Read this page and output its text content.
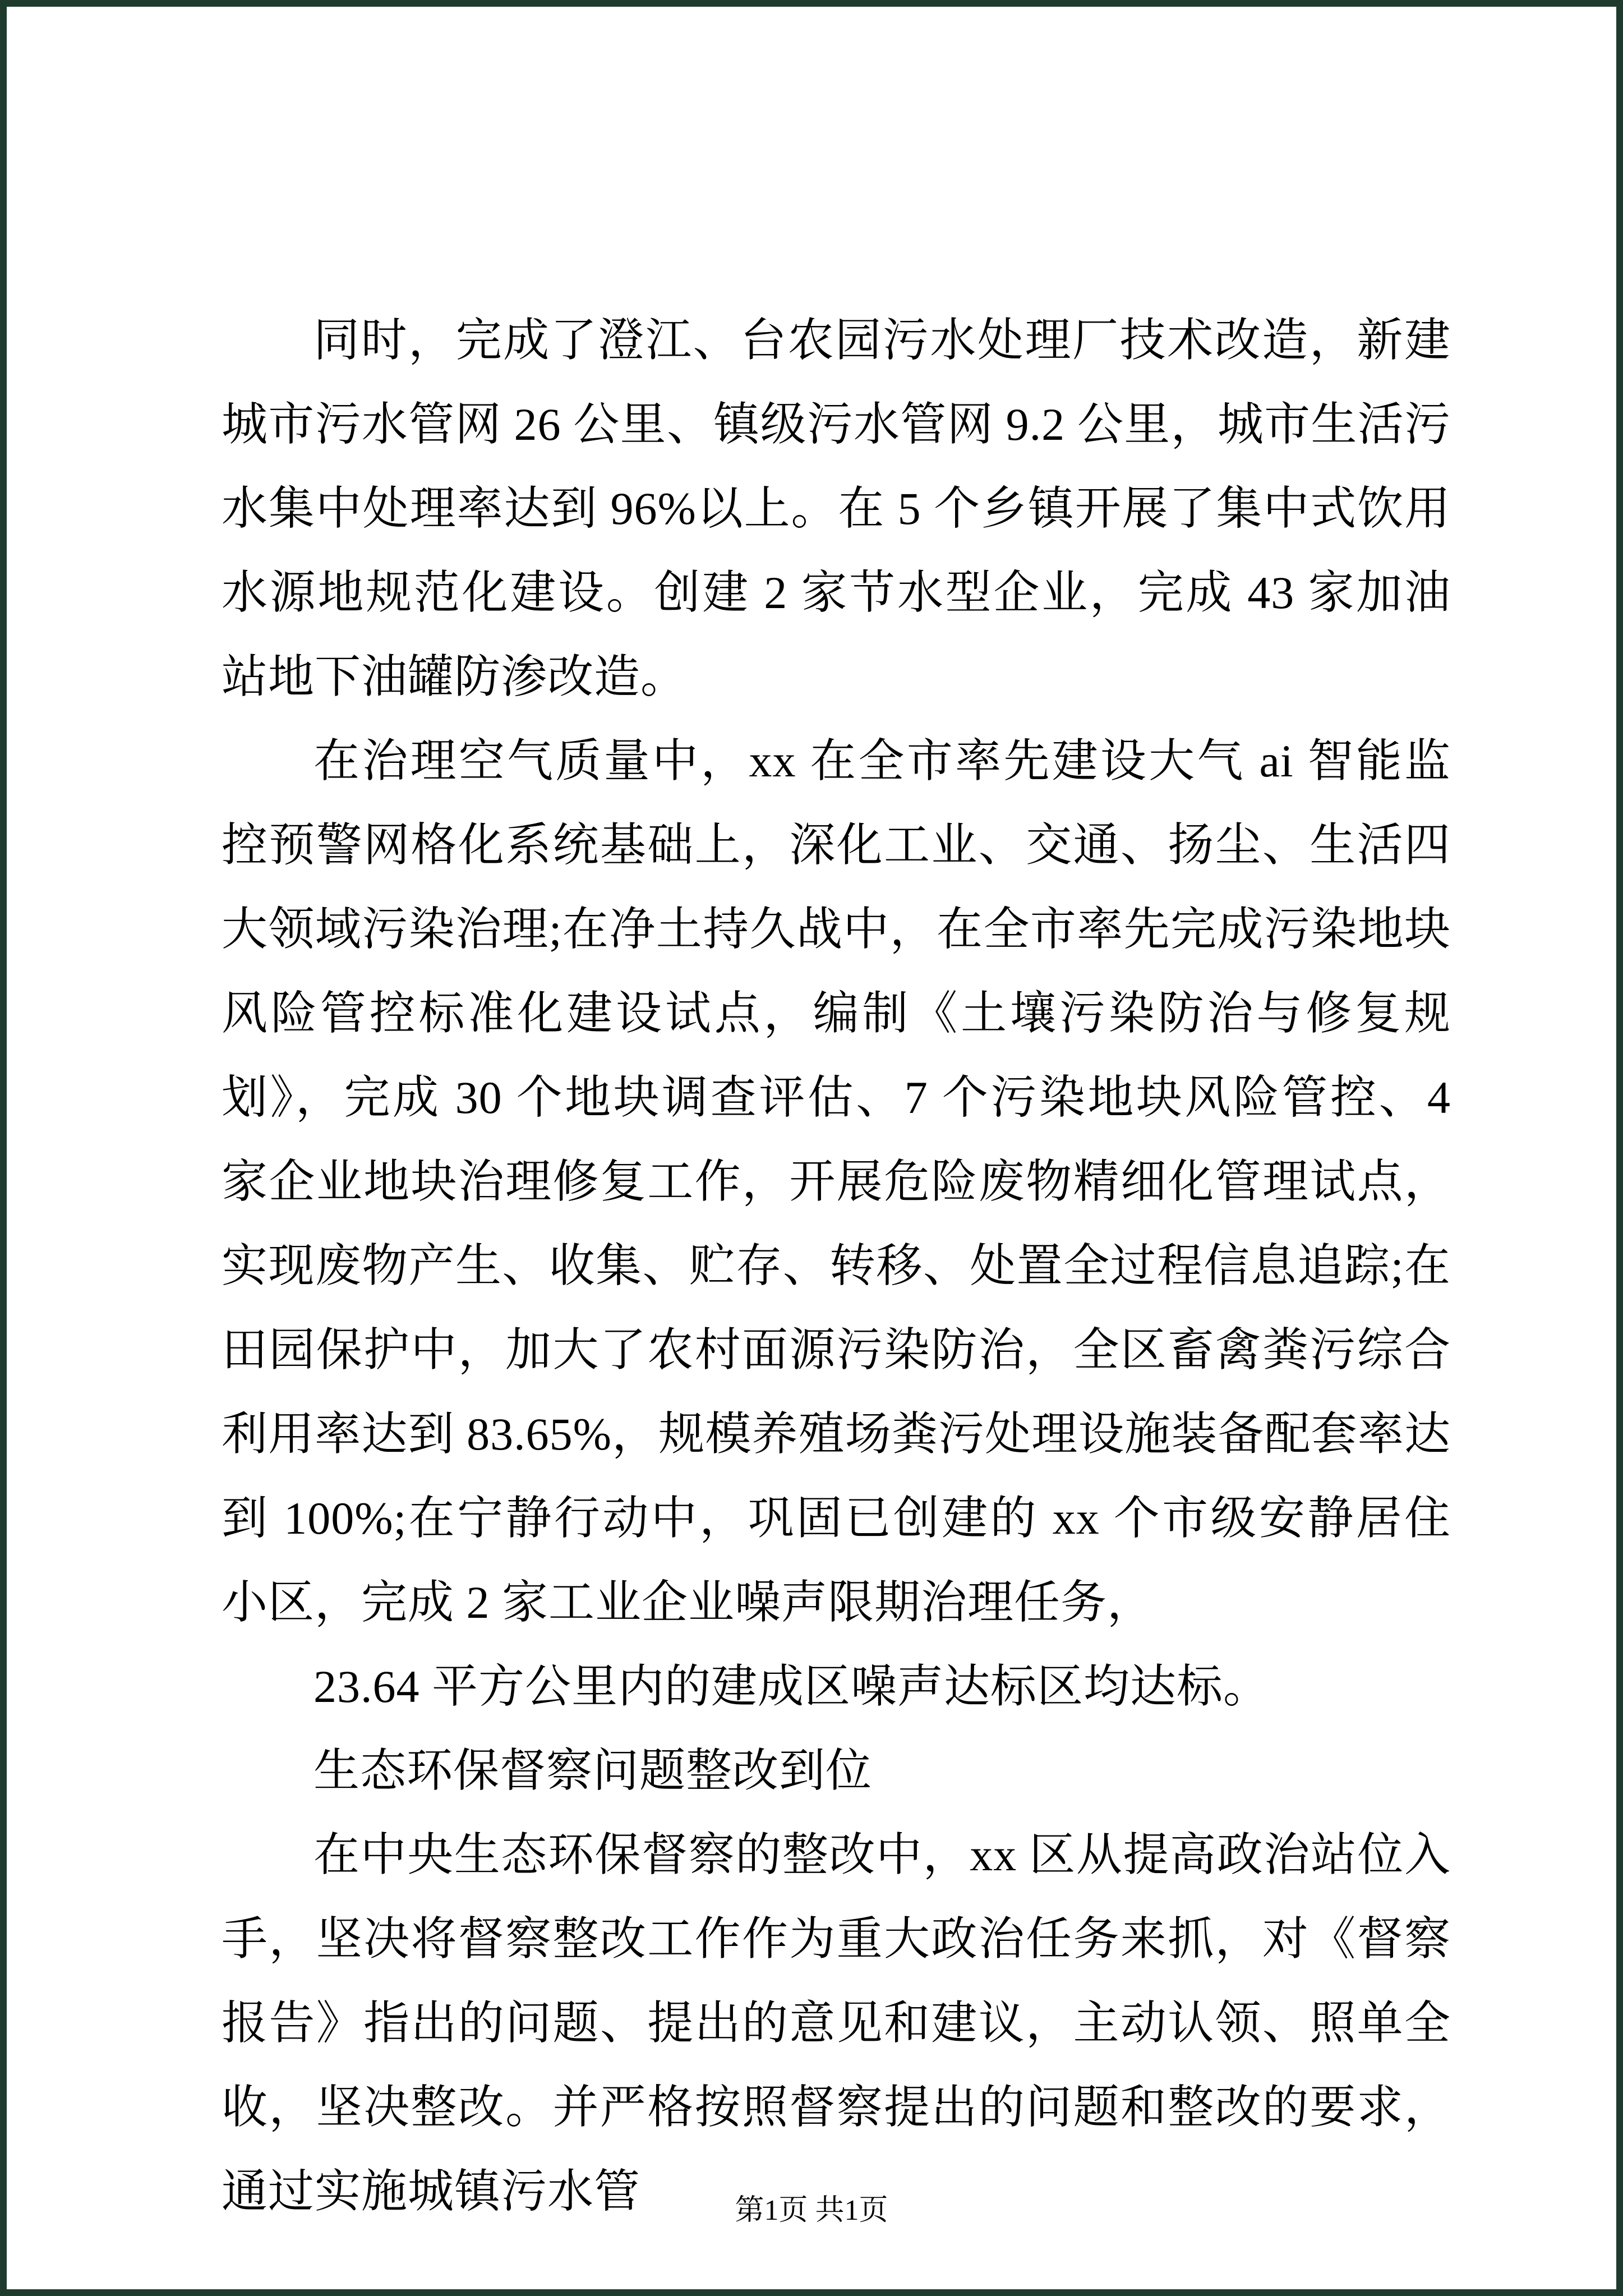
同时，完成了澄江、台农园污水处理厂技术改造，新建城市污水管网 26 公里、镇级污水管网 9.2 公里，城市生活污水集中处理率达到 96%以上。在 5 个乡镇开展了集中式饮用水源地规范化建设。创建 2 家节水型企业，完成 43 家加油站地下油罐防渗改造。

在治理空气质量中，xx 在全市率先建设大气 ai 智能监控预警网格化系统基础上，深化工业、交通、扬尘、生活四大领域污染治理;在净土持久战中，在全市率先完成污染地块风险管控标准化建设试点，编制《土壤污染防治与修复规划》，完成 30 个地块调查评估、7 个污染地块风险管控、4 家企业地块治理修复工作，开展危险废物精细化管理试点，实现废物产生、收集、贮存、转移、处置全过程信息追踪;在田园保护中，加大了农村面源污染防治，全区畜禽粪污综合利用率达到 83.65%，规模养殖场粪污处理设施装备配套率达到 100%;在宁静行动中，巩固已创建的 xx 个市级安静居住小区，完成 2 家工业企业噪声限期治理任务，

23.64 平方公里内的建成区噪声达标区均达标。

生态环保督察问题整改到位

在中央生态环保督察的整改中，xx 区从提高政治站位入手，坚决将督察整改工作作为重大政治任务来抓，对《督察报告》指出的问题、提出的意见和建议，主动认领、照单全收，坚决整改。并严格按照督察提出的问题和整改的要求，通过实施城镇污水管	第1页 共1页
